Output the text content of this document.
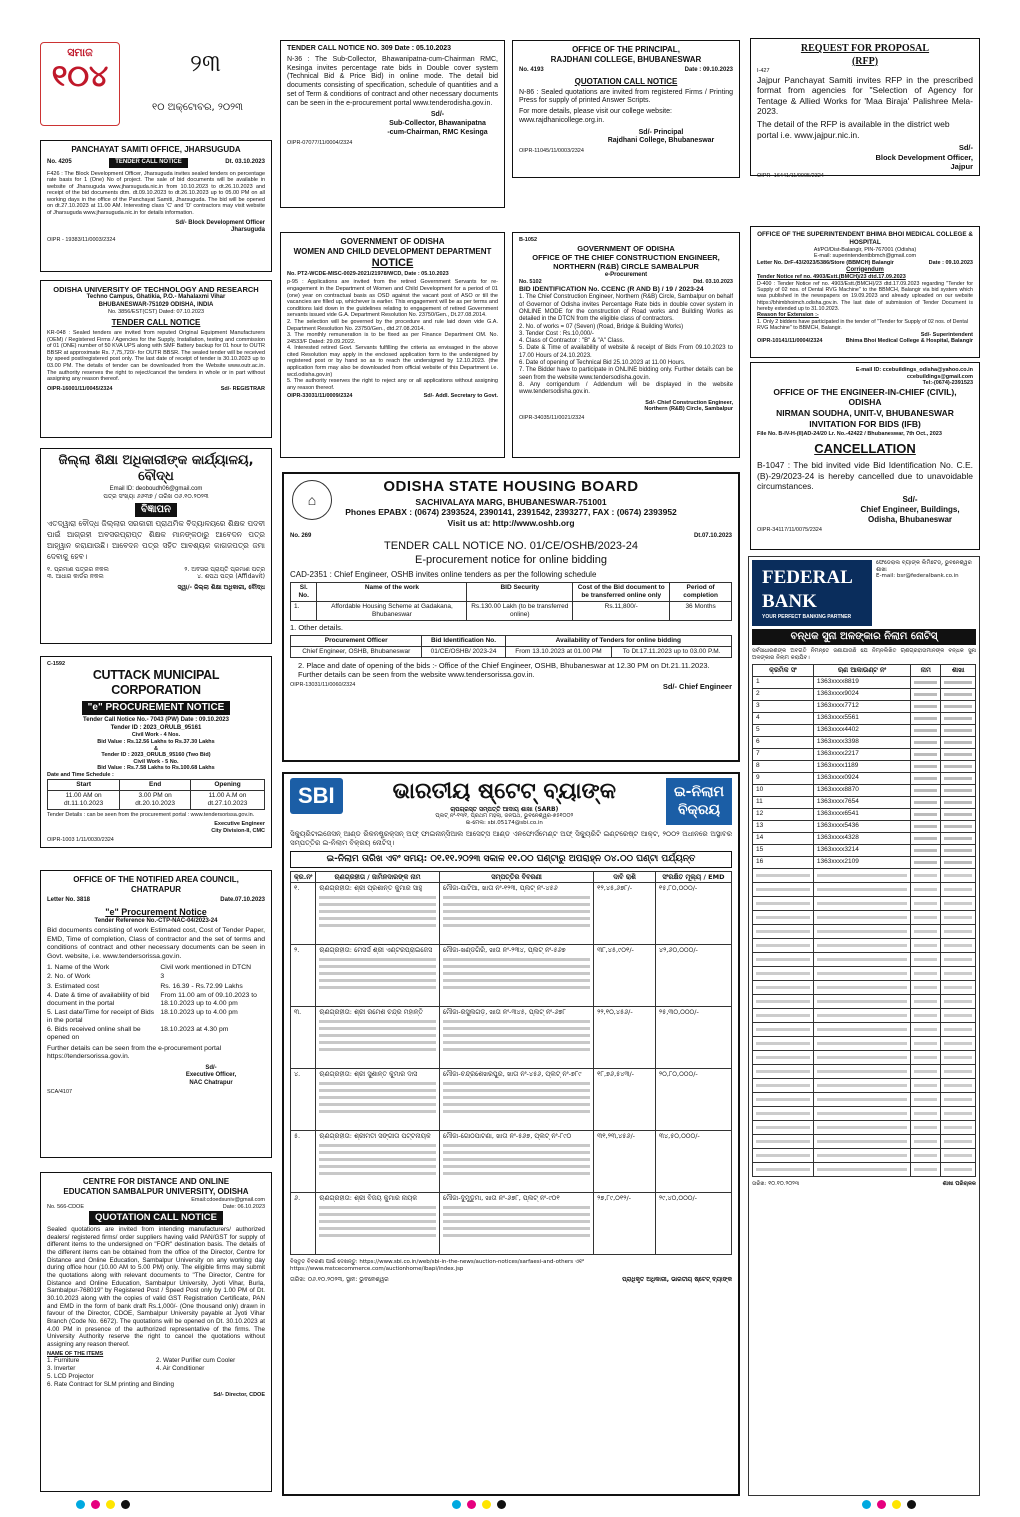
ସମାଜ
୧୦୪	୨୩
୧୦ ଅକ୍ଟୋବର, ୨୦୨୩
TENDER CALL NOTICE NO. 309 Date : 05.10.2023
N-36 : The Sub-Collector, Bhawanipatna-cum-Chairman RMC, Kesinga invites percentage rate bids in Double cover system (Technical Bid & Price Bid) in online mode. The detail bid documents consisting of specification, schedule of quantities and a set of Term & conditions of contract and other necessary documents can be seen in the e-procurement portal www.tenderodisha.gov.in.
Sd/-
Sub-Collector, Bhawanipatna
-cum-Chairman, RMC Kesinga
OIPR-07077/11/0004/2324
OFFICE OF THE PRINCIPAL,
RAJDHANI COLLEGE, BHUBANESWAR
No. 4193	Date : 09.10.2023
QUOTATION CALL NOTICE
N-86 : Sealed quotations are invited from registered Firms / Printing Press for supply of printed Answer Scripts.
For more details, please visit our college website: www.rajdhanicollege.org.in.
Sd/- Principal
Rajdhani College, Bhubaneswar
OIPR-11045/11/0003/2324
REQUEST FOR PROPOSAL
(RFP)
I-427
Jajpur Panchayat Samiti invites RFP in the prescribed format from agencies for "Selection of Agency for Tentage & Allied Works for 'Maa Biraja' Palishree Mela-2023.
The detail of the RFP is available in the district web portal i.e. www.jajpur.nic.in.
Sd/-
Block Development Officer,
Jajpur
OIPR- 16441/11/0005/2324
PANCHAYAT SAMITI OFFICE, JHARSUGUDA
No. 4205	TENDER CALL NOTICE	Dt. 03.10.2023
F426 : The Block Development Officer, Jharsuguda invites sealed tenders on percentage rate basis for 1 (One) No of project. The sale of bid documents will be available in website of Jharsuguda www.jharsuguda.nic.in from 10.10.2023 to dt.26.10.2023 and receipt of the bid documents dtm. dt.09.10.2023 to dt.26.10.2023 up to 05.00 PM on all working days in the office of the Panchayat Samiti, Jharsuguda. The bid will be opened on dt.27.10.2023 at 11.00 AM. Interesting class 'C' and 'D' contractors may visit website of Jharsuguda www.jharsuguda.nic.in for details information.
Sd/- Block Development Officer
Jharsuguda
OIPR - 19383/11/0003/2324
ODISHA UNIVERSITY OF TECHNOLOGY AND RESEARCH
Techno Campus, Ghatikia, P.O.- Mahalaxmi Vihar
BHUBANESWAR-751029 ODISHA, INDIA
No. 3856/EST(CST) Dated: 07.10.2023
TENDER CALL NOTICE
KR-048 : Sealed tenders are invited from reputed Original Equipment Manufacturers (OEM) / Registered Firms / Agencies for the Supply, Installation, testing and commission of 01 (ONE) number of 50 KVA UPS along with SMF Battery backup for 01 hour to OUTR BBSR at approximate Rs. 7,75,720/- for OUTR BBSR. The sealed tender will be received by speed post/registered post only. The last date of receipt of tender is 30.10.2023 up to 03.00 PM. The details of tender can be downloaded from the Website www.outr.ac.in. The authority reserves the right to reject/cancel the tenders in whole or in part without assigning any reason thereof.
OIPR-16001/11/0045/2324	Sd/- REGISTRAR
ଜିଲ୍ଲା ଶିକ୍ଷା ଅଧିକାରୀଙ୍କ କାର୍ଯ୍ୟାଳୟ, ବୌଦ୍ଧ
Email ID: deoboudh06@gmail.com
ପତ୍ର ସଂଖ୍ୟା ୬୬୩୭ / ତାରିଖ ୦୬.୧୦.୨୦୨୩
ବିଜ୍ଞାପନ
ଏତଦ୍ୱାରା ବୌଦ୍ଧ ଜିଲ୍ଲାର ସରକାରୀ ପ୍ରାଥମିକ ବିଦ୍ୟାଳୟରେ ଶିକ୍ଷକ ପଦବୀ ପାଇଁ ଆଗ୍ରହୀ ଅବସରପ୍ରାପ୍ତ ଶିକ୍ଷକ ମାନଙ୍କଠାରୁ ଆବେଦନ ପତ୍ର ଆହ୍ୱାନ କରାଯାଉଛି। ଆବେଦନ ପତ୍ର ସହିତ ଆବଶ୍ୟକ କାଗଜପତ୍ର ଜମା ଦେବାକୁ ହେବ।
୧. ପ୍ରମାଣ ପତ୍ରର ନକଲ	୨. ଅବସର ପ୍ରାପ୍ତି ପ୍ରମାଣ ପତ୍ର
୩. ଆଧାର କାର୍ଡର ନକଲ	୪. ଶପଥ ପତ୍ର (Affidavit)
ସ୍ୱା/- ଜିଲ୍ଲା ଶିକ୍ଷା ଅଧିକାରୀ, ବୌଦ୍ଧ
C-1592
CUTTACK MUNICIPAL CORPORATION
"e" PROCUREMENT NOTICE
Tender Call Notice No.- 7043 (PW) Date : 09.10.2023
Tender ID : 2023_ORULB_95161
Civil Work - 4 Nos.
Bid Value : Rs.12.56 Lakhs to Rs.37.30 Lakhs
&
Tender ID : 2023_ORULB_95160 (Two Bid)
Civil Work - 5 No.
Bid Value : Rs.7.58 Lakhs to Rs.100.68 Lakhs
Date and Time Schedule :
Start	End	Opening
11.00 AM on dt.11.10.2023	3.00 PM on dt.20.10.2023	11.00 A.M on dt.27.10.2023
Tender Details : can be seen from the procurement portal : www.tendersorissa.gov.in.
Executive Engineer
City Division-II, CMC
OIPR-1003 1/11/0030/2324
OFFICE OF THE NOTIFIED AREA COUNCIL,
CHATRAPUR
Letter No. 3818	Date.07.10.2023
"e" Procurement Notice
Tender Reference No.-CTP-NAC-04/2023-24
Bid documents consisting of work Estimated cost, Cost of Tender Paper, EMD, Time of completion, Class of contractor and the set of terms and conditions of contract and other necessary documents can be seen in Govt. website, i.e. www.tendersorissa.gov.in.
1. Name of the Work	Civil work mentioned in DTCN
2. No. of Work	3
3. Estimated cost	Rs. 16.39 - Rs.72.99 Lakhs
4. Date & time of availability of bid document in the portal
From 11.00 am of 09.10.2023 to 18.10.2023 up to 4.00 pm
5. Last date/Time for receipt of Bids in the portal
18.10.2023 up to 4.00 pm
6. Bids received online shall be opened on
18.10.2023 at 4.30 pm
Further details can be seen from the e-procurement portal https://tendersorissa.gov.in.
Sd/-
Executive Officer,
NAC Chatrapur
SCA/4107
CENTRE FOR DISTANCE AND ONLINE
EDUCATION SAMBALPUR UNIVERSITY, ODISHA
Email:cdoedsuniv@gmail.com
No. 566-CDOE	Date: 06.10.2023
QUOTATION CALL NOTICE
Sealed quotations are invited from intending manufacturers/ authorized dealers/ registered firms/ order suppliers having valid PAN/GST for supply of different items to the undersigned on "FOR" destination basis. The details of the different items can be obtained from the office of the Director, Centre for Distance and Online Education, Sambalpur University on any working day during office hour (10.00 AM to 5.00 PM) only. The eligible firms may submit the quotations along with relevant documents to "The Director, Centre for Distance and Online Education, Sambalpur University, Jyoti Vihar, Burla, Sambalpur-768019" by Registered Post / Speed Post only by 1.00 PM of Dt. 30.10.2023 along with the copies of valid GST Registration Certificate, PAN and EMD in the form of bank draft Rs.1,000/- (One thousand only) drawn in favour of the Director, CDOE, Sambalpur University payable at Jyoti Vihar Branch (Code No. 6672). The quotations will be opened on Dt. 30.10.2023 at 4.00 PM in presence of the authorized representative of the firms. The University Authority reserve the right to cancel the quotations without assigning any reason thereof.
NAME OF THE ITEMS
1. Furniture	2. Water Purifier cum Cooler
3. Inverter	4. Air Conditioner
5. LCD Projector
6. Rate Contract for SLM printing and Binding
Sd/- Director, CDOE
GOVERNMENT OF ODISHA
WOMEN AND CHILD DEVELOPMENT DEPARTMENT
NOTICE
No. PT2-WCDE-MISC-0029-2021/21978/WCD, Date : 05.10.2023
p-95 : Applications are invited from the retired Government Servants for re-engagement in the Department of Women and Child Development for a period of 01 (one) year on contractual basis as OSD against the vacant post of ASO or till the vacancies are filled up, whichever is earlier. This engagement will be as per terms and conditions laid down in the guidelines relating to engagement of retired Government servants issued vide G.A. Department Resolution No. 23750/Gen., Dt.27.08.2014.
2. The selection will be governed by the procedure and rule laid down vide G.A. Department Resolution No. 23750/Gen., dtd.27.08.2014.
3. The monthly remuneration is to be fixed as per Finance Department OM. No. 24533/F Dated: 29.09.2022.
4. Interested retired Govt. Servants fulfilling the criteria as envisaged in the above cited Resolution may apply in the enclosed application form to the undersigned by registered post or by hand so as to reach the undersigned by 12.10.2023. (the application form may also be downloaded from official website of this Department i.e. wcd.odisha.gov.in)
5. The authority reserves the right to reject any or all applications without assigning any reason thereof.
OIPR-33031/11/0009/2324	Sd/- Addl. Secretary to Govt.
B-1052
GOVERNMENT OF ODISHA
OFFICE OF THE CHIEF CONSTRUCTION ENGINEER,
NORTHERN (R&B) CIRCLE SAMBALPUR
e-Procurement
No. 5102	Dtd. 03.10.2023
BID IDENTIFICATION No. CCENC (R AND B) / 19 / 2023-24
1. The Chief Construction Engineer, Northern (R&B) Circle, Sambalpur on behalf of Governor of Odisha invites Percentage Rate bids in double cover system in ONLINE MODE for the construction of Road works and Building Works as detailed in the DTCN from the eligible class of contractors.
2. No. of works = 07 (Seven) (Road, Bridge & Building Works)
3. Tender Cost : Rs.10,000/-
4. Class of Contractor : "B" & "A" Class.
5. Date & Time of availability of website & receipt of Bids From 09.10.2023 to 17.00 Hours of 24.10.2023.
6. Date of opening of Technical Bid 25.10.2023 at 11.00 Hours.
7. The Bidder have to participate in ONLINE bidding only. Further details can be seen from the website www.tendersodisha.gov.in.
8. Any corrigendum / Addendum will be displayed in the website www.tendersodisha.gov.in.
Sd/- Chief Construction Engineer,
Northern (R&B) Circle, Sambalpur
OIPR-34035/11/0021/2324
OFFICE OF THE SUPERINTENDENT BHIMA BHOI MEDICAL COLLEGE & HOSPITAL
At/PO/Dist-Balangir, PIN-767001 (Odisha)
E-mail: superintendentbbmch@gmail.com
Letter No. DrF-43/2023/5386/Store (BBMCH) Balangir	Date : 09.10.2023
Corrigendum
Tender Notice ref no. 4903/Estt.(BMCH)/23 dtd.17.09.2023
D-400 : Tender Notice ref no. 4903/Estt.(BMCH)/23 dtd.17.09.2023 regarding "Tender for Supply of 02 nos. of Dental RVG Machine" to the BBMCH, Balangir via bid system which was published in the newspapers on 19.09.2023 and already uploaded on our website https://bhimbhoimch.odisha.gov.in. The last date of submission of Tender Document is hereby extended up to 31.10.2023.
Reason for Extension :-
1. Only 2 bidders have participated in the tender of "Tender for Supply of 02 nos. of Dental RVG Machine" to BBMCH, Balangir.
Sd/- Superintendent
OIPR-10141/11/0004/2324	Bhima Bhoi Medical College & Hospital, Balangir
E-mail ID: ccebuildings_odisha@yahoo.co.in
ccebuildings@gmail.com
Tel:-(0674)-2391523
OFFICE OF THE ENGINEER-IN-CHIEF (CIVIL), ODISHA
NIRMAN SOUDHA, UNIT-V, BHUBANESWAR
INVITATION FOR BIDS (IFB)
File No. B-IV-H-(II)AD-24/20 Lr. No.-42422 / Bhubaneswar, 7th Oct., 2023
CANCELLATION
B-1047 : The bid invited vide Bid Identification No. C.E.(B)-29/2023-24 is hereby cancelled due to unavoidable circumstances.
Sd/-
Chief Engineer, Buildings,
Odisha, Bhubaneswar
OIPR-34117/11/0075/2324
⌂
ODISHA STATE HOUSING BOARD
SACHIVALAYA MARG, BHUBANESWAR-751001
Phones EPABX : (0674) 2393524, 2390141, 2391542, 2393277, FAX : (0674) 2393952
Visit us at: http://www.oshb.org
No. 269	Dt.07.10.2023
TENDER CALL NOTICE NO. 01/CE/OSHB/2023-24
E-procurement notice for online bidding
CAD-2351 : Chief Engineer, OSHB invites online tenders as per the following schedule
Sl. No.	Name of the work	BID Security	Cost of the Bid document to be transferred online only	Period of completion
1.	Affordable Housing Scheme at Gadakana, Bhubaneswar	Rs.130.00 Lakh (to be transferred online)	Rs.11,800/-	36 Months
1. Other details.
Procurement Officer	Bid Identification No.	Availability of Tenders for online bidding	
Chief Engineer, OSHB, Bhubaneswar	01/CE/OSHB/ 2023-24	From 13.10.2023 at 01.00 PM	To Dt.17.11.2023 up to 03.00 P.M.
2. Place and date of opening of the bids :- Office of the Chief Engineer, OSHB, Bhubaneswar at 12.30 PM on Dt.21.11.2023.
Further details can be seen from the website www.tendersorissa.gov.in.
OIPR-13031/11/0060/2324	Sd/- Chief Engineer
FEDERAL BANK
YOUR PERFECT BANKING PARTNER
ଫେଡେରାଲ ବ୍ୟାଙ୍କ ଲିମିଟେଡ୍, ଭୁବନେଶ୍ୱର ଶାଖା
E-mail: bsr@federalbank.co.in
ବନ୍ଧକ ସୁନା ଅଳଙ୍କାର ନିଲାମ ନୋଟିସ୍
ସର୍ବସାଧାରଣଙ୍କ ଅବଗତି ନିମନ୍ତେ ଜଣାଯାଉଛି ଯେ ନିମ୍ନଲିଖିତ ଋଣଗ୍ରହୀତାମାନଙ୍କ ବନ୍ଧକ ସୁନା ଅଳଙ୍କାର ନିଲାମ କରାଯିବ।
କ୍ରମିକ ସଂ	ଋଣ ଆକାଉଣ୍ଟ ନଂ	ନାମ	ଶାଖା
1	1363xxxx8819	

2	1363xxxx9024	

3	1363xxxx7712	

4	1363xxxx5561	

5	1363xxxx4402	

6	1363xxxx3398	

7	1363xxxx2217	

8	1363xxxx1189	

9	1363xxxx0924	

10	1363xxxx8870	

11	1363xxxx7654	

12	1363xxxx6541	

13	1363xxxx5436	

14	1363xxxx4328	

15	1363xxxx3214	

16	1363xxxx2109	

ତାରିଖ: ୧୦.୧୦.୨୦୨୩	ଶାଖା ପରିଚାଳକ
SBI	ଭାରତୀୟ ଷ୍ଟେଟ୍ ବ୍ୟାଙ୍କ
ଚାପଗ୍ରସ୍ତ ସମ୍ପତ୍ତି ଆଦାୟ ଶାଖା (SARB)
ପ୍ଲଟ୍ ନଂ-୧୩୧, ପ୍ରଥମ ମହଲା, ଜନପଥ, ଭୁବନେଶ୍ୱର-୭୫୧୦୦୨
ଇ-ମେଲ: sbi.05174@sbi.co.in
ଇ-ନିଲାମ
ବିକ୍ରୟ
ସିକ୍ୟୁରିଟାଇଜେସନ୍ ଆଣ୍ଡ ରିକନଷ୍ଟ୍ରକ୍ସନ୍ ଅଫ୍ ଫାଇନାନ୍ସିଆଲ ଆସେଟ୍ସ ଆଣ୍ଡ ଏନଫୋର୍ସମେଣ୍ଟ ଅଫ୍ ସିକ୍ୟୁରିଟି ଇଣ୍ଟରେଷ୍ଟ ଆକ୍ଟ, ୨୦୦୨ ଅଧୀନରେ ଅସ୍ଥାବର ସମ୍ପତ୍ତିର ଇ-ନିଲାମ ବିକ୍ରୟ ନୋଟିସ୍।
ଇ-ନିଲାମ ତାରିଖ ଏବଂ ସମୟ: ୦୧.୧୧.୨୦୨୩ ସକାଳ ୧୧.୦୦ ଘଣ୍ଟାରୁ ଅପରାହ୍ନ ୦୪.୦୦ ଘଣ୍ଟା ପର୍ଯ୍ୟନ୍ତ
କ୍ର.ନଂ	ଋଣଗ୍ରହୀତା / ଜାମିନଦାରଙ୍କ ନାମ	ସମ୍ପତ୍ତିର ବିବରଣୀ	ଦାବି ରାଶି	ସଂରକ୍ଷିତ ମୂଲ୍ୟ / EMD

୧.	ଋଣଗ୍ରହୀତା: ଶ୍ରୀ ପ୍ରଶାନ୍ତ କୁମାର ସାହୁ	ମୌଜା-ପାଟିଆ, ଖାତା ନଂ-୧୨୩, ପ୍ଲଟ୍ ନଂ-୪୫୬	୧୨,୪୫,୬୭୮/-	୧୫,୮୦,୦୦୦/-

୨.	ଋଣଗ୍ରହୀତା: ମେସର୍ସ ଶ୍ରୀ ଏଣ୍ଟରପ୍ରାଇଜେସ	ମୌଜା-ଖଣ୍ଡଗିରି, ଖାତା ନଂ-୨୩୪, ପ୍ଲଟ୍ ନଂ-୫୬୭	୩୮,୪୫,୯୦୧/-	୪୨,୬୦,୦୦୦/-

୩.	ଋଣଗ୍ରହୀତା: ଶ୍ରୀ ରମେଶ ଚନ୍ଦ୍ର ମହାନ୍ତି	ମୌଜା-ରସୁଲଗଡ଼, ଖାତା ନଂ-୩୪୫, ପ୍ଲଟ୍ ନଂ-୬୭୮	୨୨,୧୦,୪୫୬/-	୨୫,୩୦,୦୦୦/-

୪.	ଋଣଗ୍ରହୀତା: ଶ୍ରୀ ସୁଶାନ୍ତ କୁମାର ଦାସ	ମୌଜା-ଚନ୍ଦ୍ରଶେଖରପୁର, ଖାତା ନଂ-୪୫୬, ପ୍ଲଟ୍ ନଂ-୭୮୯	୧୮,୭୬,୫୪୩/-	୨୦,୮୦,୦୦୦/-

୫.	ଋଣଗ୍ରହୀତା: ଶ୍ରୀମତୀ ସଙ୍ଗୀତା ପଟ୍ଟନାୟକ	ମୌଜା-ଗୋଠପାଟଣା, ଖାତା ନଂ-୫୬୭, ପ୍ଲଟ୍ ନଂ-୮୯୦	୩୧,୨୩,୪୫୬/-	୩୪,୫୦,୦୦୦/-

୬.	ଋଣଗ୍ରହୀତା: ଶ୍ରୀ ବିଜୟ କୁମାର ନାୟକ	ମୌଜା-ଦୁମୁଡୁମା, ଖାତା ନଂ-୬୭୮, ପ୍ଲଟ୍ ନଂ-୯୦୧	୨୭,୮୯,୦୧୨/-	୨୯,୪୦,୦୦୦/-
ବିସ୍ତୃତ ବିବରଣୀ ପାଇଁ ଦେଖନ୍ତୁ: https://www.sbi.co.in/web/sbi-in-the-news/auction-notices/sarfaesi-and-others ଏବଂ https://www.mstcecommerce.com/auctionhome/ibapi/index.jsp
ତାରିଖ: ୦୬.୧୦.୨୦୨୩, ସ୍ଥାନ: ଭୁବନେଶ୍ୱର	ପ୍ରାଧିକୃତ ଅଧିକାରୀ, ଭାରତୀୟ ଷ୍ଟେଟ୍ ବ୍ୟାଙ୍କ
